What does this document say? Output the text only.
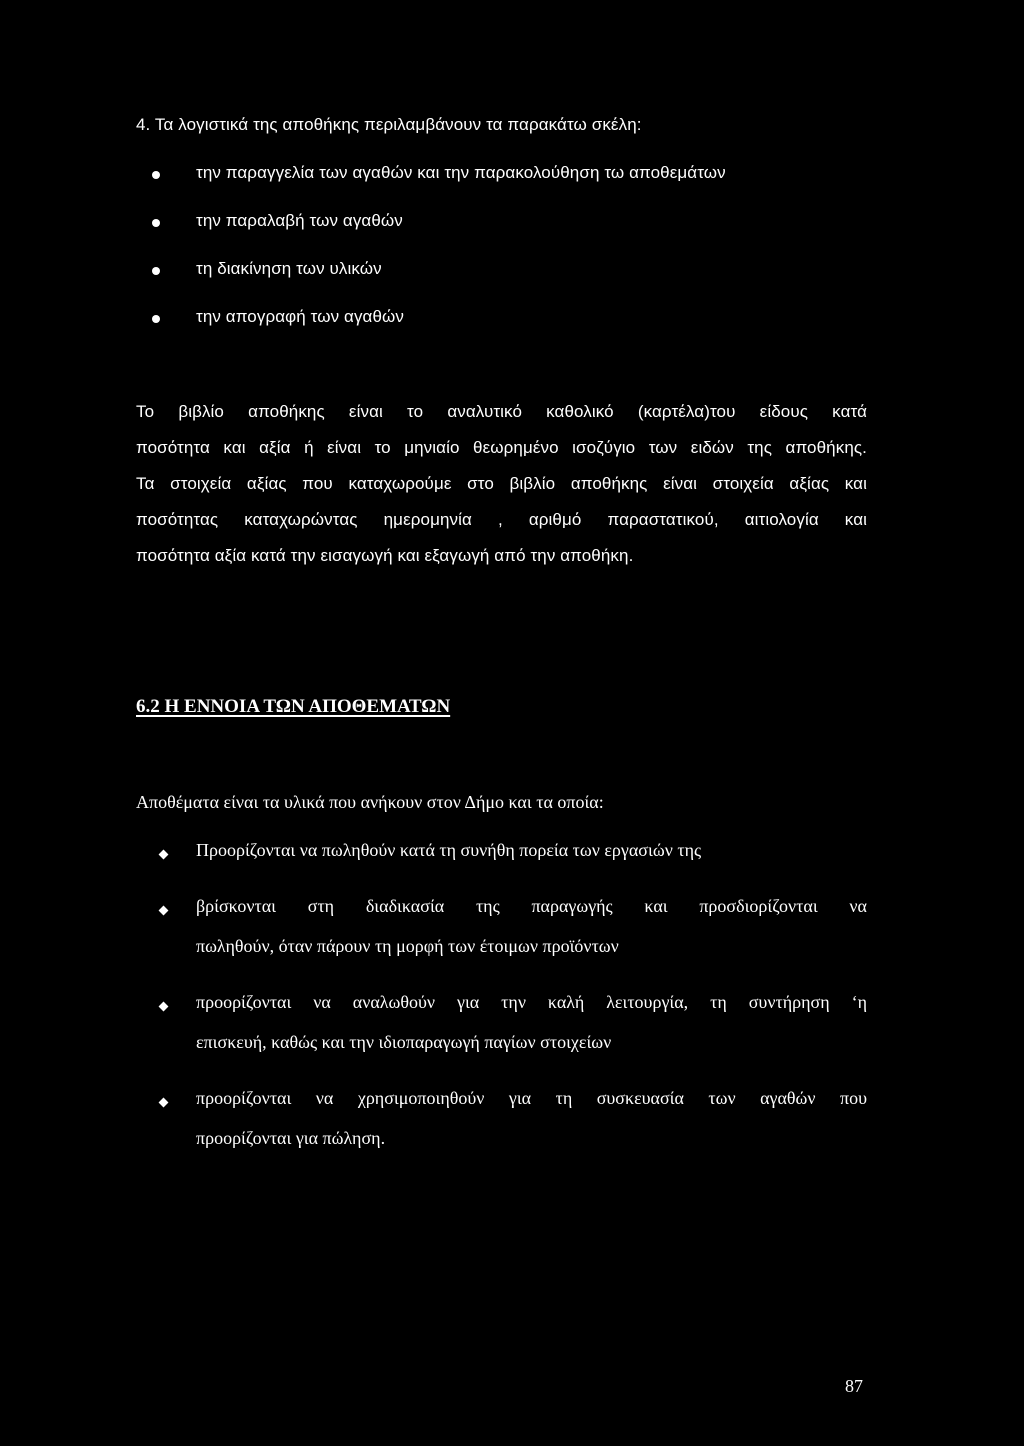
4. Τα λογιστικά της αποθήκης περιλαμβάνουν τα παρακάτω σκέλη:
την παραγγελία των αγαθών και την παρακολούθηση τω αποθεμάτων
την παραλαβή των αγαθών
τη διακίνηση των υλικών
την απογραφή των αγαθών

Το βιβλίο αποθήκης είναι το αναλυτικό καθολικό (καρτέλα)του είδους κατά
ποσότητα και αξία ή είναι το μηνιαίο θεωρημένο ισοζύγιο των ειδών της αποθήκης.
Τα στοιχεία αξίας που καταχωρούμε στο βιβλίο αποθήκης είναι στοιχεία αξίας και
ποσότητας καταχωρώντας ημερομηνία , αριθμό παραστατικού, αιτιολογία και
ποσότητα αξία κατά την εισαγωγή και εξαγωγή από την αποθήκη.

6.2 Η ΕΝΝΟΙΑ ΤΩΝ ΑΠΟΘΕΜΑΤΩΝ
Αποθέματα είναι τα υλικά που ανήκουν στον Δήμο και τα οποία:
Προορίζονται να πωληθούν κατά τη συνήθη πορεία των εργασιών της
βρίσκονται στη διαδικασία της παραγωγής και προσδιορίζονται να
πωληθούν, όταν πάρουν τη μορφή των έτοιμων προϊόντων
προορίζονται να αναλωθούν για την καλή λειτουργία, τη συντήρηση ‘η
επισκευή, καθώς και την ιδιοπαραγωγή παγίων στοιχείων
προορίζονται να χρησιμοποιηθούν για τη συσκευασία των αγαθών που
προορίζονται για πώληση.
87
